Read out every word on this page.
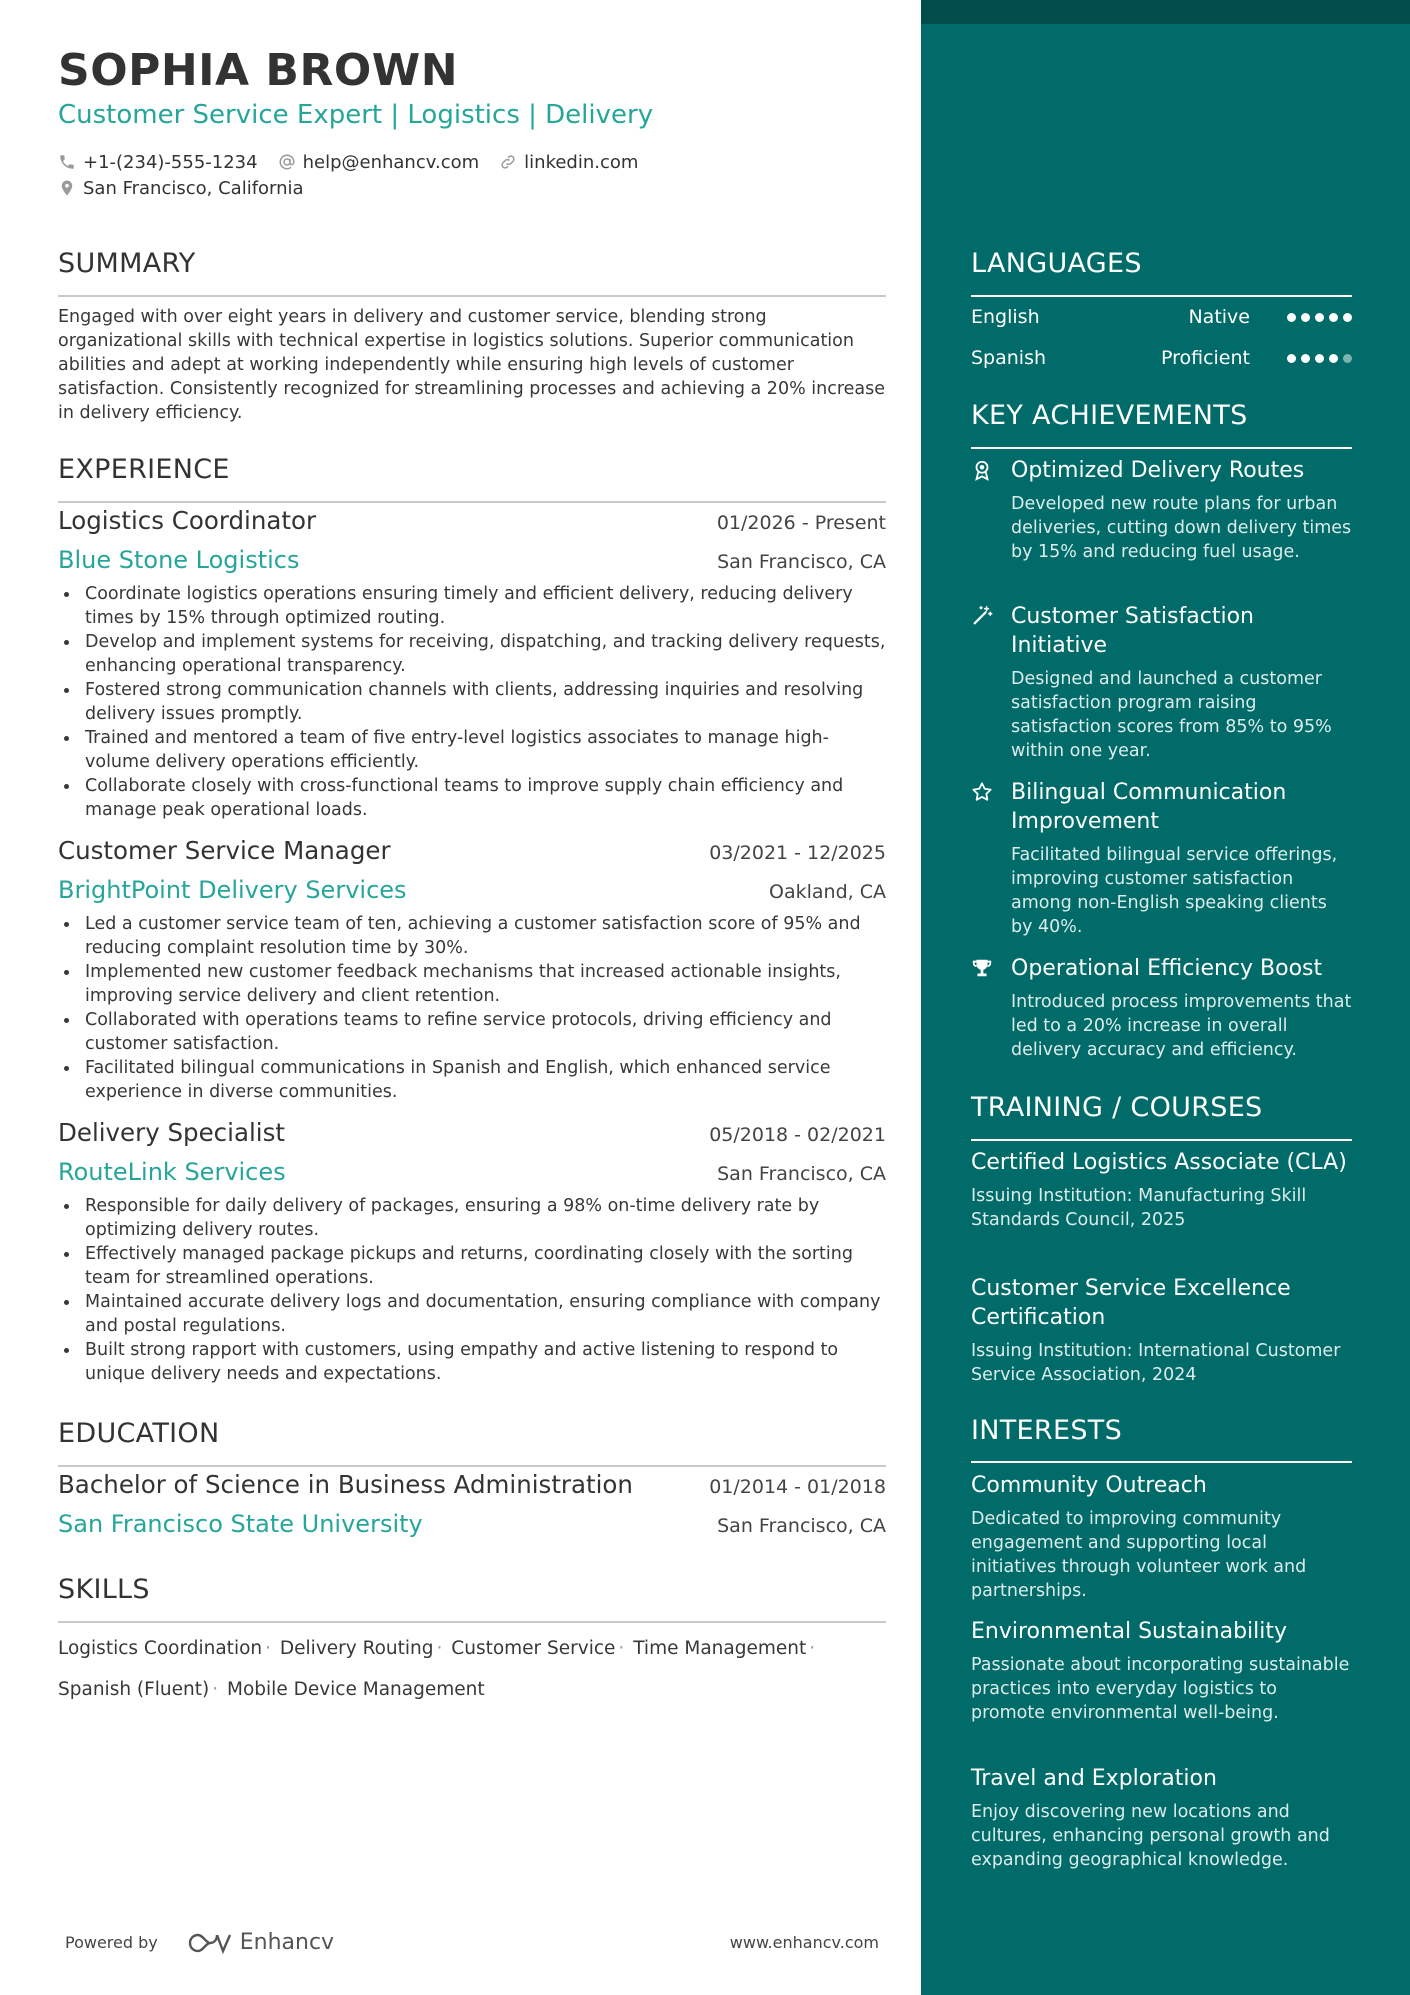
SOPHIA BROWN
Customer Service Expert | Logistics | Delivery
+1-(234)-555-1234	help@enhancv.com	linkedin.com
San Francisco, California
SUMMARY
Engaged with over eight years in delivery and customer service, blending strong organizational skills with technical expertise in logistics solutions. Superior communication abilities and adept at working independently while ensuring high levels of customer satisfaction. Consistently recognized for streamlining processes and achieving a 20% increase in delivery efficiency.
EXPERIENCE
Logistics Coordinator	01/2026 - Present
Blue Stone Logistics	San Francisco, CA
Coordinate logistics operations ensuring timely and efficient delivery, reducing delivery times by 15% through optimized routing.
Develop and implement systems for receiving, dispatching, and tracking delivery requests, enhancing operational transparency.
Fostered strong communication channels with clients, addressing inquiries and resolving delivery issues promptly.
Trained and mentored a team of five entry-level logistics associates to manage high-volume delivery operations efficiently.
Collaborate closely with cross-functional teams to improve supply chain efficiency and manage peak operational loads.
Customer Service Manager	03/2021 - 12/2025
BrightPoint Delivery Services	Oakland, CA
Led a customer service team of ten, achieving a customer satisfaction score of 95% and reducing complaint resolution time by 30%.
Implemented new customer feedback mechanisms that increased actionable insights, improving service delivery and client retention.
Collaborated with operations teams to refine service protocols, driving efficiency and customer satisfaction.
Facilitated bilingual communications in Spanish and English, which enhanced service experience in diverse communities.
Delivery Specialist	05/2018 - 02/2021
RouteLink Services	San Francisco, CA
Responsible for daily delivery of packages, ensuring a 98% on-time delivery rate by optimizing delivery routes.
Effectively managed package pickups and returns, coordinating closely with the sorting team for streamlined operations.
Maintained accurate delivery logs and documentation, ensuring compliance with company and postal regulations.
Built strong rapport with customers, using empathy and active listening to respond to unique delivery needs and expectations.
EDUCATION
Bachelor of Science in Business Administration	01/2014 - 01/2018
San Francisco State University	San Francisco, CA
SKILLS
Logistics Coordination · Delivery Routing · Customer Service · Time Management ·
Spanish (Fluent) · Mobile Device Management
Powered by	Enhancv	www.enhancv.com
LANGUAGES
English	Native
Spanish	Proficient
KEY ACHIEVEMENTS
Optimized Delivery Routes
Developed new route plans for urban deliveries, cutting down delivery times by 15% and reducing fuel usage.
Customer Satisfaction Initiative
Designed and launched a customer satisfaction program raising satisfaction scores from 85% to 95% within one year.
Bilingual Communication Improvement
Facilitated bilingual service offerings, improving customer satisfaction among non-English speaking clients by 40%.
Operational Efficiency Boost
Introduced process improvements that led to a 20% increase in overall delivery accuracy and efficiency.
TRAINING / COURSES
Certified Logistics Associate (CLA)
Issuing Institution: Manufacturing Skill Standards Council, 2025
Customer Service Excellence Certification
Issuing Institution: International Customer Service Association, 2024
INTERESTS
Community Outreach
Dedicated to improving community engagement and supporting local initiatives through volunteer work and partnerships.
Environmental Sustainability
Passionate about incorporating sustainable practices into everyday logistics to promote environmental well-being.
Travel and Exploration
Enjoy discovering new locations and cultures, enhancing personal growth and expanding geographical knowledge.
